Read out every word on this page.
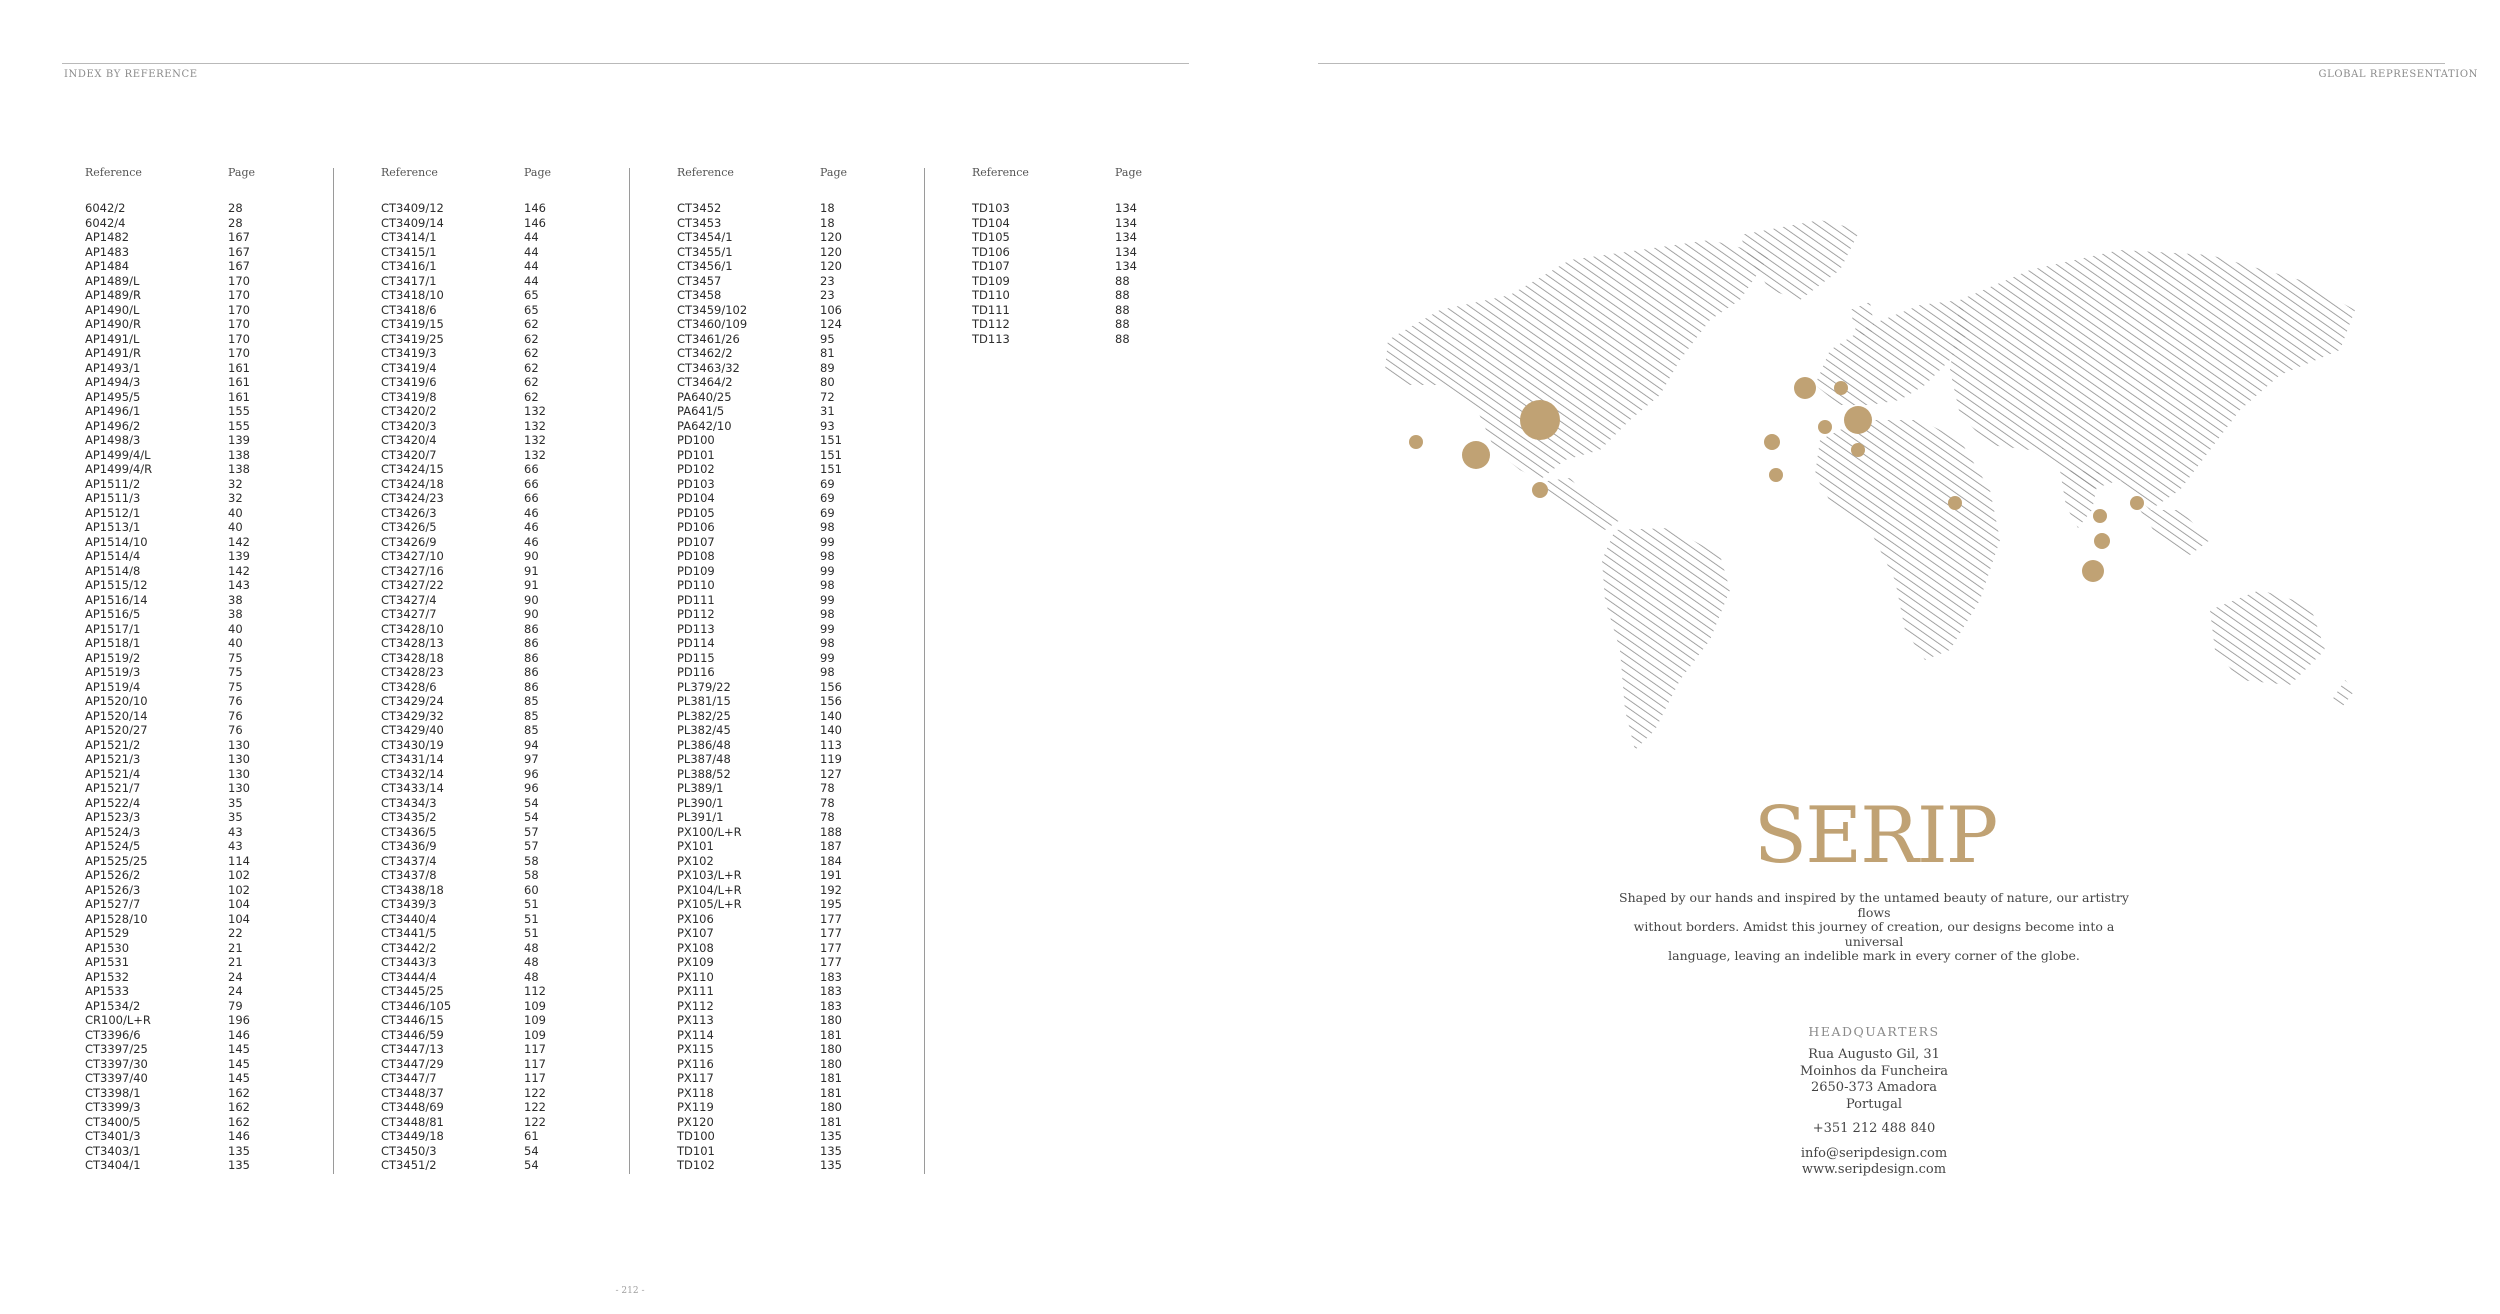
INDEX BY REFERENCE
Reference	Page
6042/2	28
6042/4	28
AP1482	167
AP1483	167
AP1484	167
AP1489/L	170
AP1489/R	170
AP1490/L	170
AP1490/R	170
AP1491/L	170
AP1491/R	170
AP1493/1	161
AP1494/3	161
AP1495/5	161
AP1496/1	155
AP1496/2	155
AP1498/3	139
AP1499/4/L	138
AP1499/4/R	138
AP1511/2	32
AP1511/3	32
AP1512/1	40
AP1513/1	40
AP1514/10	142
AP1514/4	139
AP1514/8	142
AP1515/12	143
AP1516/14	38
AP1516/5	38
AP1517/1	40
AP1518/1	40
AP1519/2	75
AP1519/3	75
AP1519/4	75
AP1520/10	76
AP1520/14	76
AP1520/27	76
AP1521/2	130
AP1521/3	130
AP1521/4	130
AP1521/7	130
AP1522/4	35
AP1523/3	35
AP1524/3	43
AP1524/5	43
AP1525/25	114
AP1526/2	102
AP1526/3	102
AP1527/7	104
AP1528/10	104
AP1529	22
AP1530	21
AP1531	21
AP1532	24
AP1533	24
AP1534/2	79
CR100/L+R	196
CT3396/6	146
CT3397/25	145
CT3397/30	145
CT3397/40	145
CT3398/1	162
CT3399/3	162
CT3400/5	162
CT3401/3	146
CT3403/1	135
CT3404/1	135
Reference	Page
CT3409/12	146
CT3409/14	146
CT3414/1	44
CT3415/1	44
CT3416/1	44
CT3417/1	44
CT3418/10	65
CT3418/6	65
CT3419/15	62
CT3419/25	62
CT3419/3	62
CT3419/4	62
CT3419/6	62
CT3419/8	62
CT3420/2	132
CT3420/3	132
CT3420/4	132
CT3420/7	132
CT3424/15	66
CT3424/18	66
CT3424/23	66
CT3426/3	46
CT3426/5	46
CT3426/9	46
CT3427/10	90
CT3427/16	91
CT3427/22	91
CT3427/4	90
CT3427/7	90
CT3428/10	86
CT3428/13	86
CT3428/18	86
CT3428/23	86
CT3428/6	86
CT3429/24	85
CT3429/32	85
CT3429/40	85
CT3430/19	94
CT3431/14	97
CT3432/14	96
CT3433/14	96
CT3434/3	54
CT3435/2	54
CT3436/5	57
CT3436/9	57
CT3437/4	58
CT3437/8	58
CT3438/18	60
CT3439/3	51
CT3440/4	51
CT3441/5	51
CT3442/2	48
CT3443/3	48
CT3444/4	48
CT3445/25	112
CT3446/105	109
CT3446/15	109
CT3446/59	109
CT3447/13	117
CT3447/29	117
CT3447/7	117
CT3448/37	122
CT3448/69	122
CT3448/81	122
CT3449/18	61
CT3450/3	54
CT3451/2	54
Reference	Page
CT3452	18
CT3453	18
CT3454/1	120
CT3455/1	120
CT3456/1	120
CT3457	23
CT3458	23
CT3459/102	106
CT3460/109	124
CT3461/26	95
CT3462/2	81
CT3463/32	89
CT3464/2	80
PA640/25	72
PA641/5	31
PA642/10	93
PD100	151
PD101	151
PD102	151
PD103	69
PD104	69
PD105	69
PD106	98
PD107	99
PD108	98
PD109	99
PD110	98
PD111	99
PD112	98
PD113	99
PD114	98
PD115	99
PD116	98
PL379/22	156
PL381/15	156
PL382/25	140
PL382/45	140
PL386/48	113
PL387/48	119
PL388/52	127
PL389/1	78
PL390/1	78
PL391/1	78
PX100/L+R	188
PX101	187
PX102	184
PX103/L+R	191
PX104/L+R	192
PX105/L+R	195
PX106	177
PX107	177
PX108	177
PX109	177
PX110	183
PX111	183
PX112	183
PX113	180
PX114	181
PX115	180
PX116	180
PX117	181
PX118	181
PX119	180
PX120	181
TD100	135
TD101	135
TD102	135
Reference	Page
TD103	134
TD104	134
TD105	134
TD106	134
TD107	134
TD109	88
TD110	88
TD111	88
TD112	88
TD113	88
- 212 -
GLOBAL REPRESENTATION
SERIP
Shaped by our hands and inspired by the untamed beauty of nature, our artistry flows
without borders. Amidst this journey of creation, our designs become into a universal
language, leaving an indelible mark in every corner of the globe.
HEADQUARTERS
Rua Augusto Gil, 31
Moinhos da Funcheira
2650-373 Amadora
Portugal
+351 212 488 840
info@seripdesign.com
www.seripdesign.com
